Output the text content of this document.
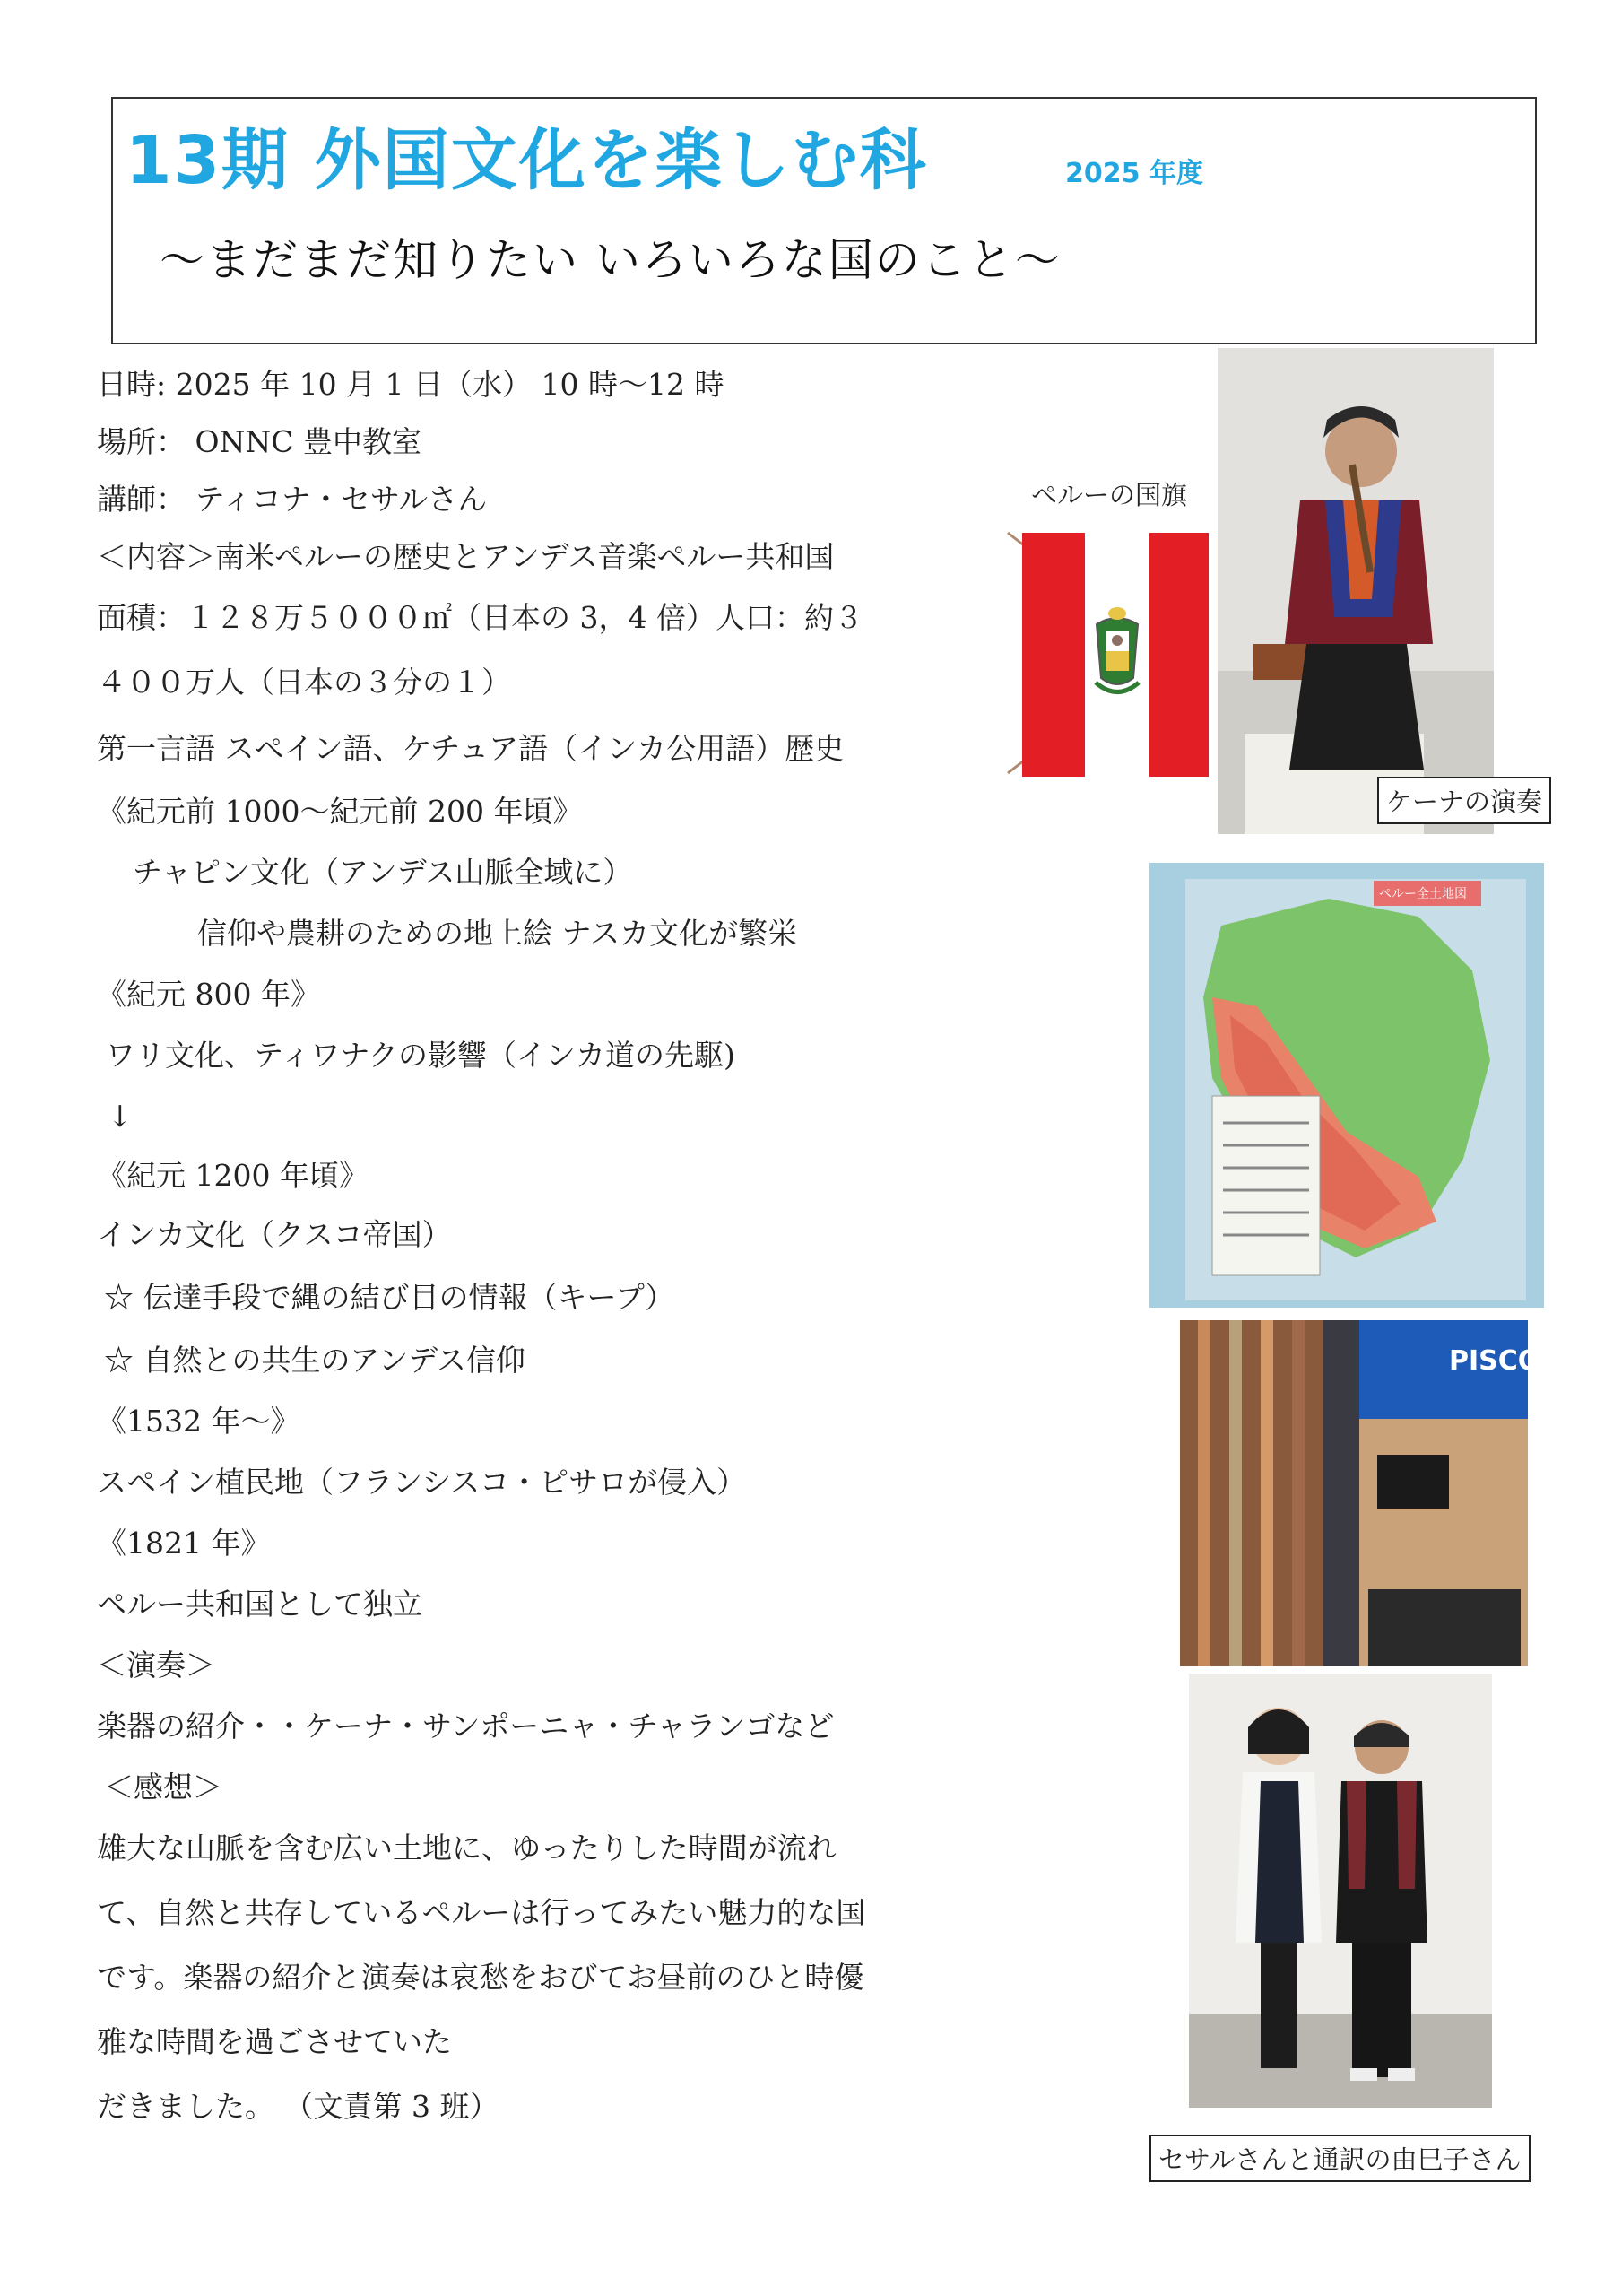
13期 外国文化を楽しむ科	2025 年度
～まだまだ知りたい いろいろな国のこと～
日時: 2025 年 10 月 1 日（水） 10 時～12 時
場所： ONNC 豊中教室
講師： ティコナ・セサルさん
＜内容＞南米ペルーの歴史とアンデス音楽ペルー共和国
面積：１２８万５０００㎡（日本の 3，4 倍）人口：約３
４００万人（日本の３分の１）
第一言語 スペイン語、ケチュア語（インカ公用語）歴史
《紀元前 1000～紀元前 200 年頃》
チャピン文化（アンデス山脈全域に）
信仰や農耕のための地上絵 ナスカ文化が繁栄
《紀元 800 年》
ワリ文化、ティワナクの影響（インカ道の先駆)
↓
《紀元 1200 年頃》
インカ文化（クスコ帝国）
☆ 伝達手段で縄の結び目の情報（キープ）
☆ 自然との共生のアンデス信仰
《1532 年～》
スペイン植民地（フランシスコ・ピサロが侵入）
《1821 年》
ペルー共和国として独立
＜演奏＞
楽器の紹介・・ケーナ・サンポーニャ・チャランゴなど
＜感想＞
雄大な山脈を含む広い土地に、ゆったりした時間が流れ
て、自然と共存しているペルーは行ってみたい魅力的な国
です。楽器の紹介と演奏は哀愁をおびてお昼前のひと時優
雅な時間を過ごさせていた
だきました。 （文責第 3 班）
ペルーの国旗
ケーナの演奏
ペルー全土地図
PISCO
セサルさんと通訳の由巳子さん
